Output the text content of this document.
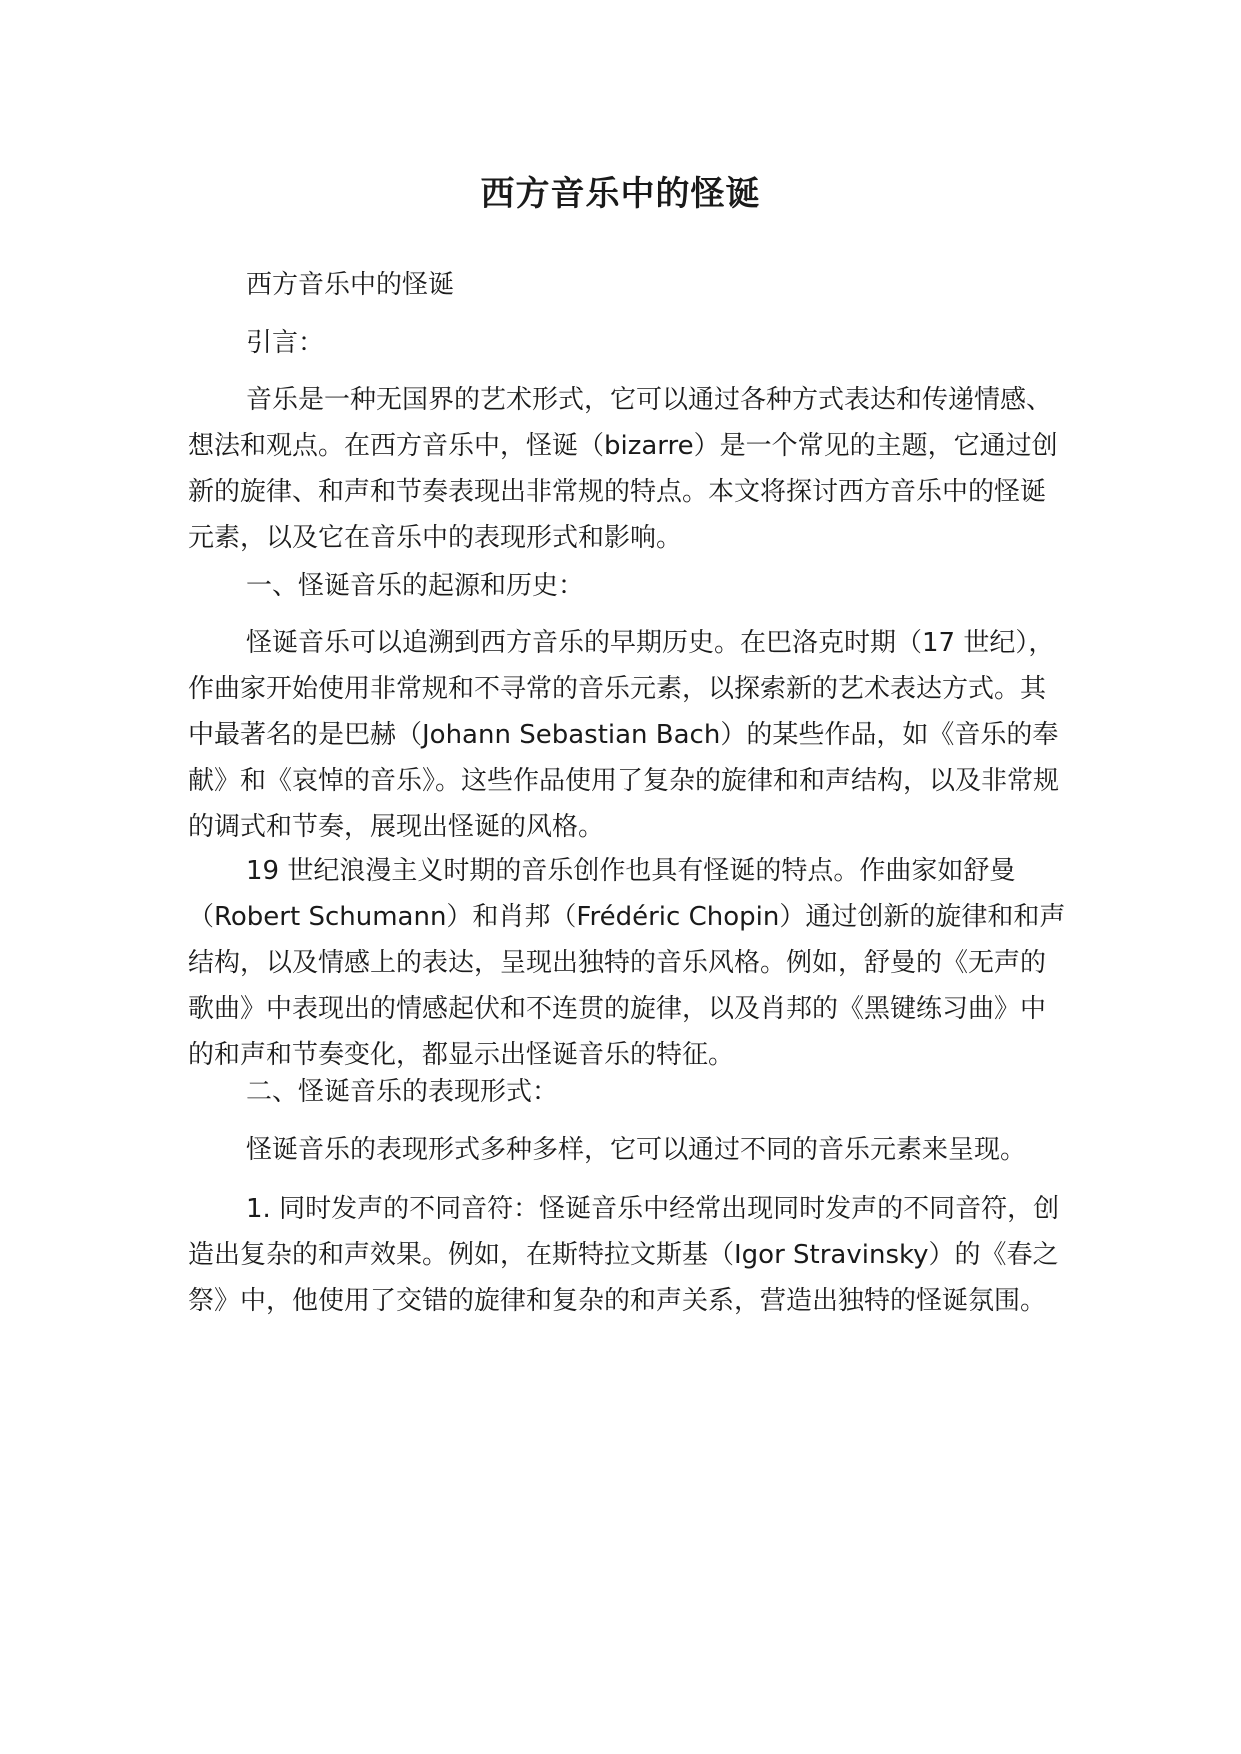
西方音乐中的怪诞

西方音乐中的怪诞

引言：

音乐是一种无国界的艺术形式，它可以通过各种方式表达和传递情感、想法和观点。在西方音乐中，怪诞（bizarre）是一个常见的主题，它通过创新的旋律、和声和节奏表现出非常规的特点。本文将探讨西方音乐中的怪诞元素，以及它在音乐中的表现形式和影响。

一、怪诞音乐的起源和历史：

怪诞音乐可以追溯到西方音乐的早期历史。在巴洛克时期（17 世纪），作曲家开始使用非常规和不寻常的音乐元素，以探索新的艺术表达方式。其中最著名的是巴赫（Johann Sebastian Bach）的某些作品，如《音乐的奉献》和《哀悼的音乐》。这些作品使用了复杂的旋律和和声结构，以及非常规的调式和节奏，展现出怪诞的风格。

19 世纪浪漫主义时期的音乐创作也具有怪诞的特点。作曲家如舒曼（Robert Schumann）和肖邦（Frédéric Chopin）通过创新的旋律和和声结构，以及情感上的表达，呈现出独特的音乐风格。例如，舒曼的《无声的歌曲》中表现出的情感起伏和不连贯的旋律，以及肖邦的《黑键练习曲》中的和声和节奏变化，都显示出怪诞音乐的特征。

二、怪诞音乐的表现形式：

怪诞音乐的表现形式多种多样，它可以通过不同的音乐元素来呈现。

1. 同时发声的不同音符：怪诞音乐中经常出现同时发声的不同音符，创造出复杂的和声效果。例如，在斯特拉文斯基（Igor Stravinsky）的《春之祭》中，他使用了交错的旋律和复杂的和声关系，营造出独特的怪诞氛围。
